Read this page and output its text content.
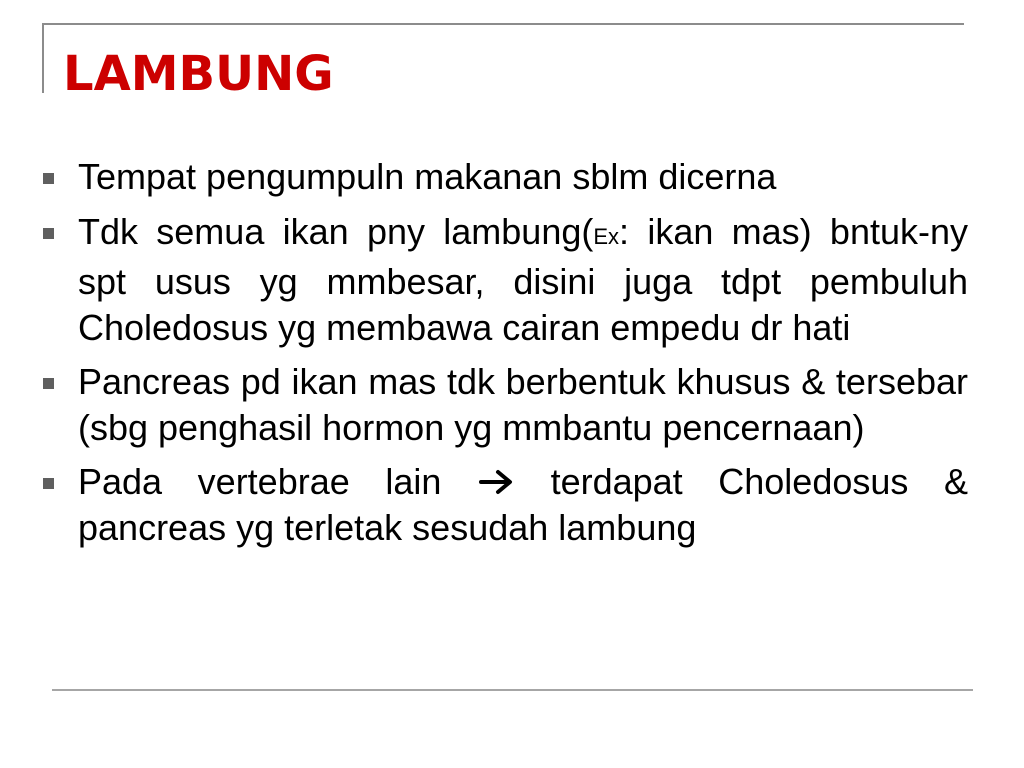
LAMBUNG
Tempat pengumpuln makanan sblm dicerna
Tdk semua ikan pny lambung(Ex: ikan mas) bntuk-ny spt usus yg mmbesar, disini juga tdpt pembuluh Choledosus yg membawa cairan empedu dr hati
Pancreas pd ikan mas tdk berbentuk khusus & tersebar (sbg penghasil hormon yg mmbantu pencernaan)
Pada vertebrae lain  terdapat Choledosus & pancreas yg terletak sesudah lambung
